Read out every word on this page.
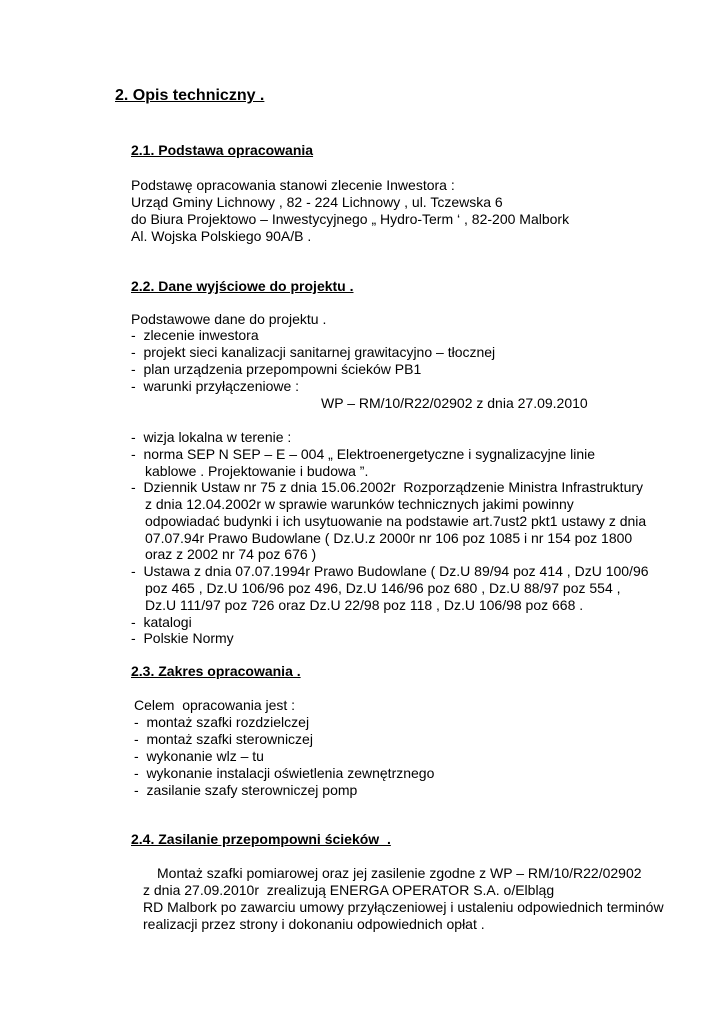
2. Opis techniczny .
2.1. Podstawa opracowania
Podstawę opracowania stanowi zlecenie Inwestora :
Urząd Gminy Lichnowy , 82 - 224 Lichnowy , ul. Tczewska 6
do Biura Projektowo – Inwestycyjnego „ Hydro-Term ‘ , 82-200 Malbork
Al. Wojska Polskiego 90A/B .
2.2. Dane wyjściowe do projektu .
Podstawowe dane do projektu .
-  zlecenie inwestora
-  projekt sieci kanalizacji sanitarnej grawitacyjno – tłocznej
-  plan urządzenia przepompowni ścieków PB1
-  warunki przyłączeniowe :
WP – RM/10/R22/02902 z dnia 27.09.2010
-  wizja lokalna w terenie :
-  norma SEP N SEP – E – 004 „ Elektroenergetyczne i sygnalizacyjne linie
kablowe . Projektowanie i budowa ”.
-  Dziennik Ustaw nr 75 z dnia 15.06.2002r  Rozporządzenie Ministra Infrastruktury
z dnia 12.04.2002r w sprawie warunków technicznych jakimi powinny
odpowiadać budynki i ich usytuowanie na podstawie art.7ust2 pkt1 ustawy z dnia
07.07.94r Prawo Budowlane ( Dz.U.z 2000r nr 106 poz 1085 i nr 154 poz 1800
oraz z 2002 nr 74 poz 676 )
-  Ustawa z dnia 07.07.1994r Prawo Budowlane ( Dz.U 89/94 poz 414 , DzU 100/96
poz 465 , Dz.U 106/96 poz 496, Dz.U 146/96 poz 680 , Dz.U 88/97 poz 554 ,
Dz.U 111/97 poz 726 oraz Dz.U 22/98 poz 118 , Dz.U 106/98 poz 668 .
-  katalogi
-  Polskie Normy
2.3. Zakres opracowania .
Celem  opracowania jest :
-  montaż szafki rozdzielczej
-  montaż szafki sterowniczej
-  wykonanie wlz – tu
-  wykonanie instalacji oświetlenia zewnętrznego
-  zasilanie szafy sterowniczej pomp
2.4. Zasilanie przepompowni ścieków  .
Montaż szafki pomiarowej oraz jej zasilenie zgodne z WP – RM/10/R22/02902
z dnia 27.09.2010r  zrealizują ENERGA OPERATOR S.A. o/Elbląg
RD Malbork po zawarciu umowy przyłączeniowej i ustaleniu odpowiednich terminów
realizacji przez strony i dokonaniu odpowiednich opłat .
